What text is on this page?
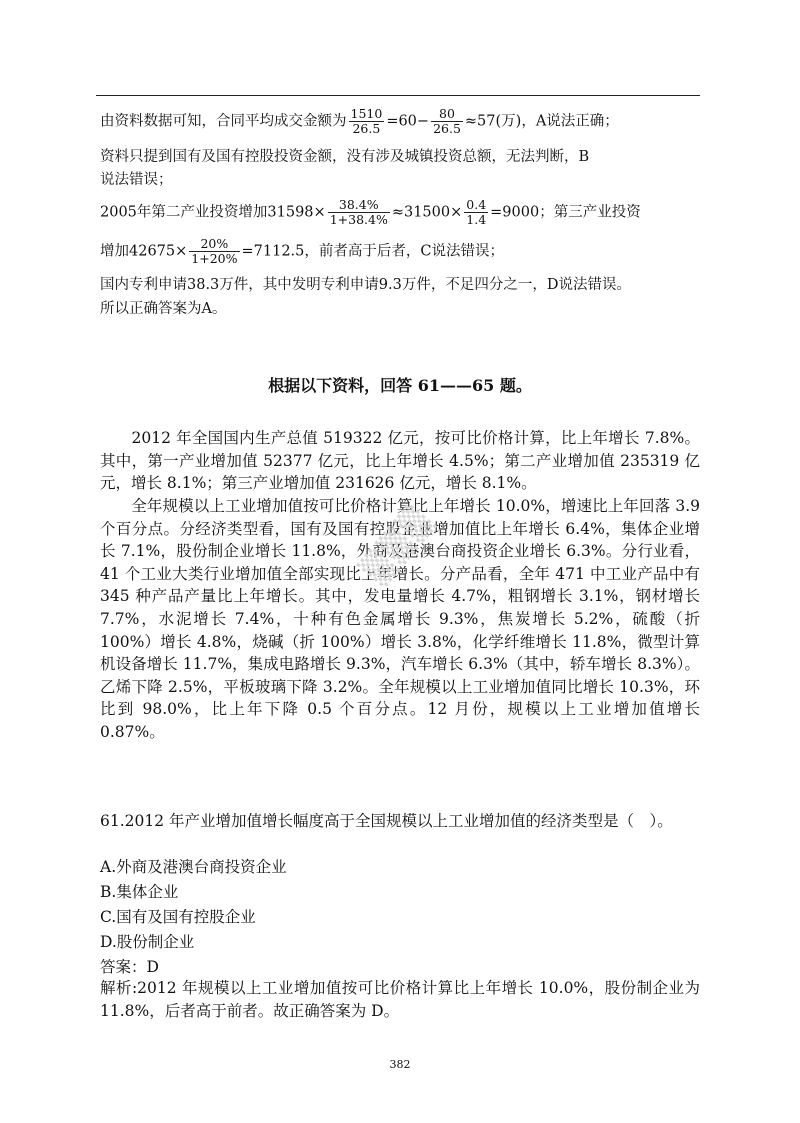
由资料数据可知，合同平均成交金额为 $\frac{1510}{26.5} =60- \frac{80}{26.5} \approx 57$(万)，A说法正确；
资料只提到国有及国有控股投资金额，没有涉及城镇投资总额，无法判断，B
说法错误；
2005年第二产业投资增加$31598\times \frac{38.4\%}{1+38.4\%} \approx 31500\times \frac{0.4}{1.4} =9000$；第三产业投资
增加$42675\times \frac{20\%}{1+20\%} =7112.5$，前者高于后者，C说法错误；
国内专利申请38.3万件，其中发明专利申请9.3万件，不足四分之一，D说法错误。
所以正确答案为A。
根据以下资料，回答 61——65 题。

　　2012 年全国国内生产总值 519322 亿元，按可比价格计算，比上年增长 7.8%。其中，第一产业增加值 52377 亿元，比上年增长 4.5%；第二产业增加值 235319 亿元，增长 8.1%；第三产业增加值 231626 亿元，增长 8.1%。

　　全年规模以上工业增加值按可比价格计算比上年增长 10.0%，增速比上年回落 3.9 个百分点。分经济类型看，国有及国有控股企业增加值比上年增长 6.4%，集体企业增长 7.1%，股份制企业增长 11.8%，外商及港澳台商投资企业增长 6.3%。分行业看，41 个工业大类行业增加值全部实现比上年增长。分产品看，全年 471 中工业产品中有 345 种产品产量比上年增长。其中，发电量增长 4.7%，粗钢增长 3.1%，钢材增长 7.7%，水泥增长 7.4%，十种有色金属增长 9.3%，焦炭增长 5.2%，硫酸（折 100%）增长 4.8%，烧碱（折 100%）增长 3.8%，化学纤维增长 11.8%，微型计算机设备增长 11.7%，集成电路增长 9.3%，汽车增长 6.3%（其中，轿车增长 8.3%）。乙烯下降 2.5%，平板玻璃下降 3.2%。全年规模以上工业增加值同比增长 10.3%，环比到 98.0%，比上年下降 0.5 个百分点。12 月份，规模以上工业增加值增长 0.87%。

61.2012 年产业增加值增长幅度高于全国规模以上工业增加值的经济类型是（　）。

A.外商及港澳台商投资企业
B.集体企业
C.国有及国有控股企业
D.股份制企业
答案：D

解析:2012 年规模以上工业增加值按可比价格计算比上年增长 10.0%，股份制企业为 11.8%，后者高于前者。故正确答案为 D。

▒▒▒
382
